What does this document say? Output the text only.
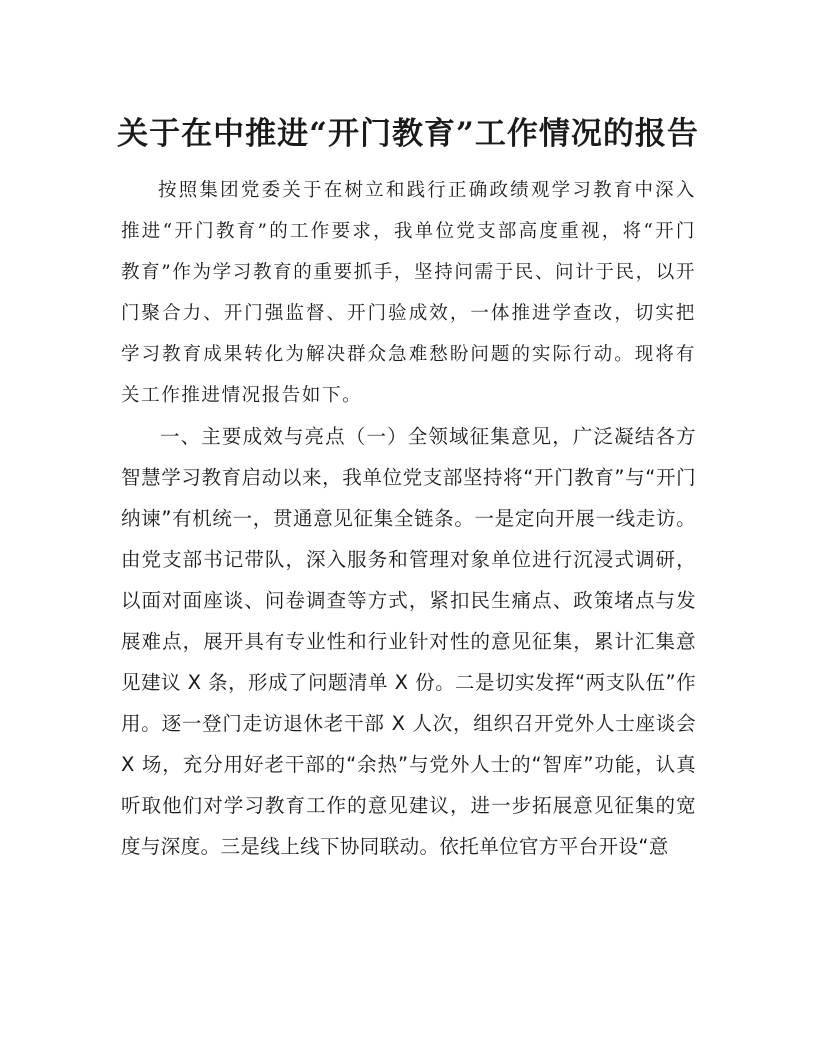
关于在中推进“开门教育”工作情况的报告

按照集团党委关于在树立和践行正确政绩观学习教育中深入推进“开门教育”的工作要求，我单位党支部高度重视，将“开门教育”作为学习教育的重要抓手，坚持问需于民、问计于民，以开门聚合力、开门强监督、开门验成效，一体推进学查改，切实把学习教育成果转化为解决群众急难愁盼问题的实际行动。现将有关工作推进情况报告如下。

一、主要成效与亮点（一）全领域征集意见，广泛凝结各方智慧学习教育启动以来，我单位党支部坚持将“开门教育”与“开门纳谏”有机统一，贯通意见征集全链条。一是定向开展一线走访。由党支部书记带队，深入服务和管理对象单位进行沉浸式调研，以面对面座谈、问卷调查等方式，紧扣民生痛点、政策堵点与发展难点，展开具有专业性和行业针对性的意见征集，累计汇集意见建议 X 条，形成了问题清单 X 份。二是切实发挥“两支队伍”作用。逐一登门走访退休老干部 X 人次，组织召开党外人士座谈会 X 场，充分用好老干部的“余热”与党外人士的“智库”功能，认真听取他们对学习教育工作的意见建议，进一步拓展意见征集的宽度与深度。三是线上线下协同联动。依托单位官方平台开设“意
